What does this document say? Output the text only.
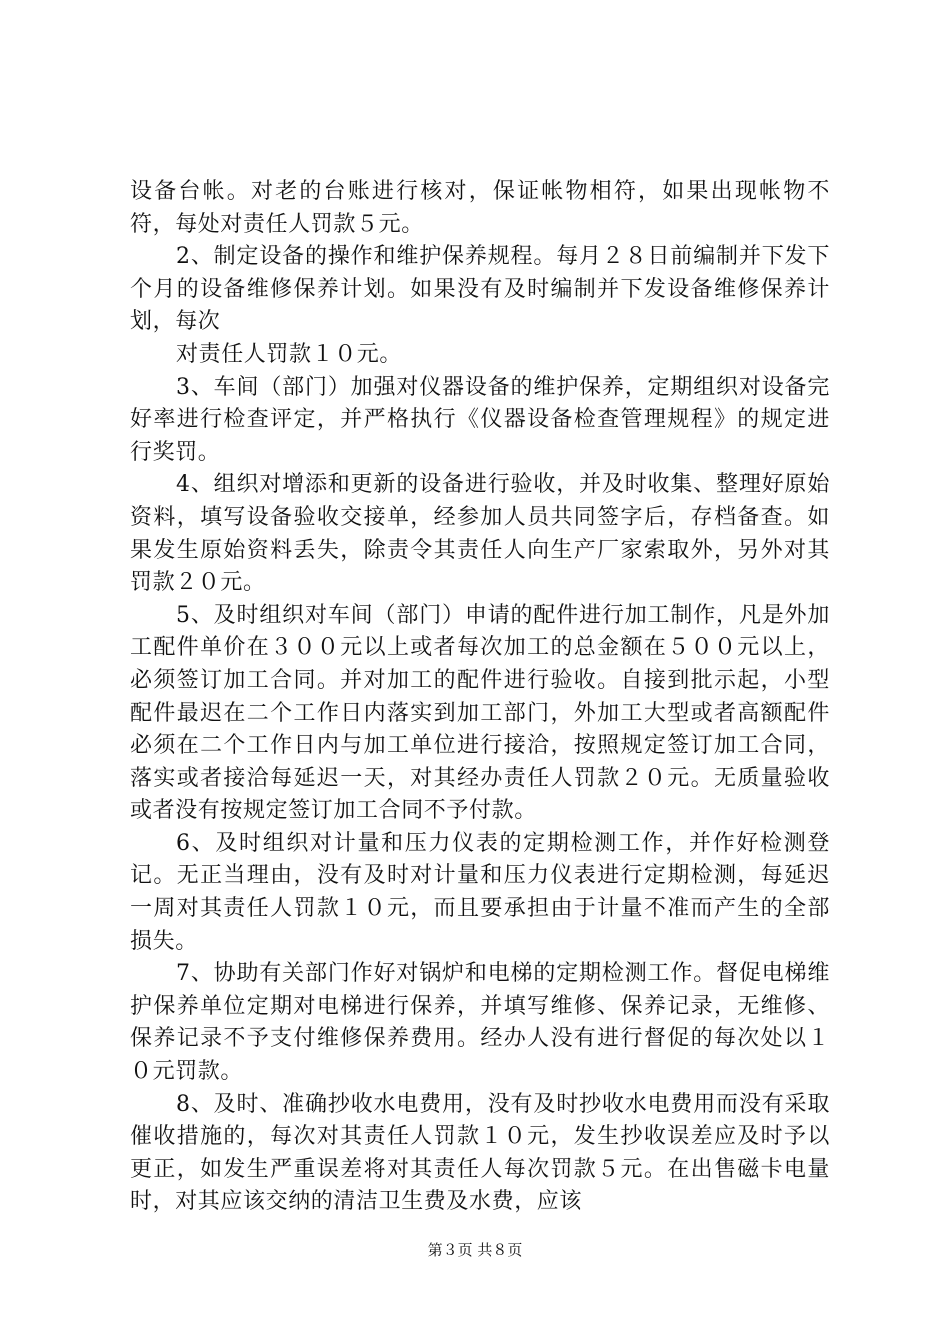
设备台帐。对老的台账进行核对，保证帐物相符，如果出现帐物不符，每处对责任人罚款５元。

2、制定设备的操作和维护保养规程。每月２８日前编制并下发下个月的设备维修保养计划。如果没有及时编制并下发设备维修保养计划，每次

对责任人罚款１０元。

3、车间（部门）加强对仪器设备的维护保养，定期组织对设备完好率进行检查评定，并严格执行《仪器设备检查管理规程》的规定进行奖罚。

4、组织对增添和更新的设备进行验收，并及时收集、整理好原始资料，填写设备验收交接单，经参加人员共同签字后，存档备查。如果发生原始资料丢失，除责令其责任人向生产厂家索取外，另外对其罚款２０元。

5、及时组织对车间（部门）申请的配件进行加工制作，凡是外加工配件单价在３００元以上或者每次加工的总金额在５００元以上，必须签订加工合同。并对加工的配件进行验收。自接到批示起，小型配件最迟在二个工作日内落实到加工部门，外加工大型或者高额配件必须在二个工作日内与加工单位进行接洽，按照规定签订加工合同，落实或者接洽每延迟一天，对其经办责任人罚款２０元。无质量验收或者没有按规定签订加工合同不予付款。

6、及时组织对计量和压力仪表的定期检测工作，并作好检测登记。无正当理由，没有及时对计量和压力仪表进行定期检测，每延迟一周对其责任人罚款１０元，而且要承担由于计量不准而产生的全部损失。

7、协助有关部门作好对锅炉和电梯的定期检测工作。督促电梯维护保养单位定期对电梯进行保养，并填写维修、保养记录，无维修、保养记录不予支付维修保养费用。经办人没有进行督促的每次处以１０元罚款。

8、及时、准确抄收水电费用，没有及时抄收水电费用而没有采取催收措施的，每次对其责任人罚款１０元，发生抄收误差应及时予以更正，如发生严重误差将对其责任人每次罚款５元。在出售磁卡电量时，对其应该交纳的清洁卫生费及水费，应该

第３页 共８页
